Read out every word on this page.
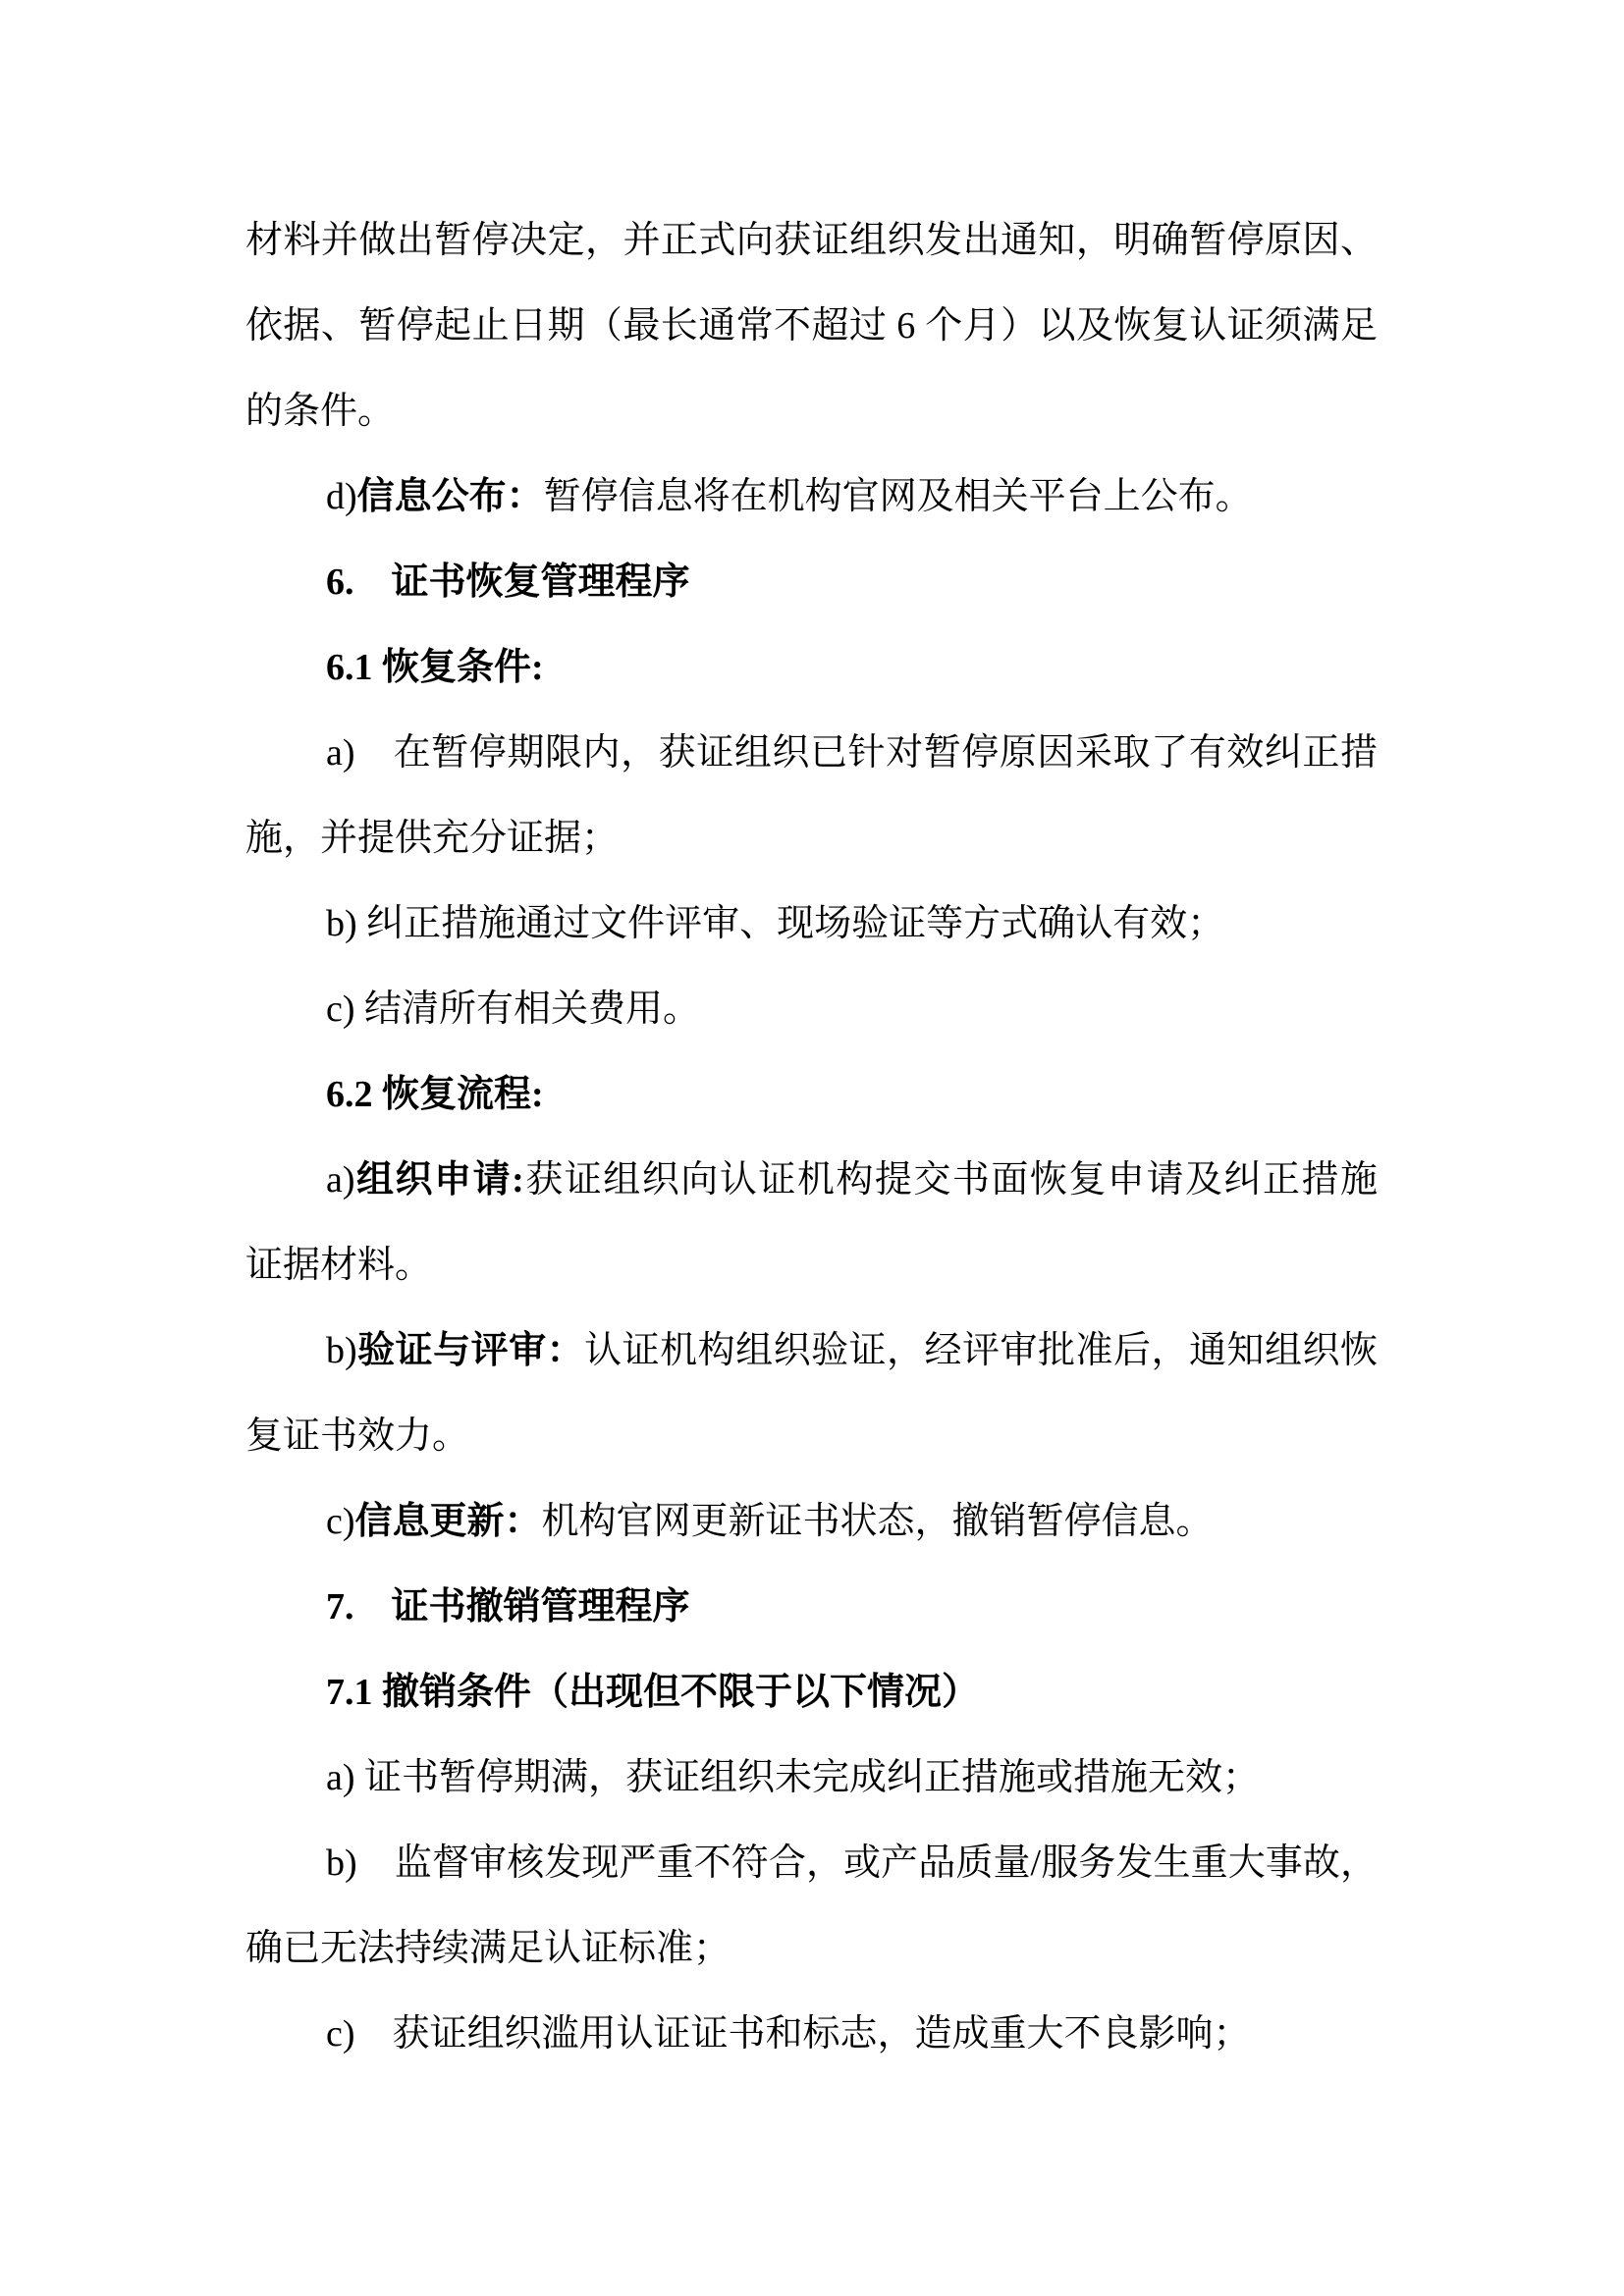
材料并做出暂停决定，并正式向获证组织发出通知，明确暂停原因、
依据、暂停起止日期（最长通常不超过 6 个月）以及恢复认证须满足
的条件。
d)信息公布：暂停信息将在机构官网及相关平台上公布。
6.　证书恢复管理程序
6.1 恢复条件:
a)　在暂停期限内，获证组织已针对暂停原因采取了有效纠正措
施，并提供充分证据；
b) 纠正措施通过文件评审、现场验证等方式确认有效；
c) 结清所有相关费用。
6.2 恢复流程:
a)组织申请:获证组织向认证机构提交书面恢复申请及纠正措施
证据材料。
b)验证与评审：认证机构组织验证，经评审批准后，通知组织恢
复证书效力。
c)信息更新：机构官网更新证书状态，撤销暂停信息。
7.　证书撤销管理程序
7.1 撤销条件（出现但不限于以下情况）
a) 证书暂停期满，获证组织未完成纠正措施或措施无效；
b)　监督审核发现严重不符合，或产品质量/服务发生重大事故，
确已无法持续满足认证标准；
c)　获证组织滥用认证证书和标志，造成重大不良影响；
